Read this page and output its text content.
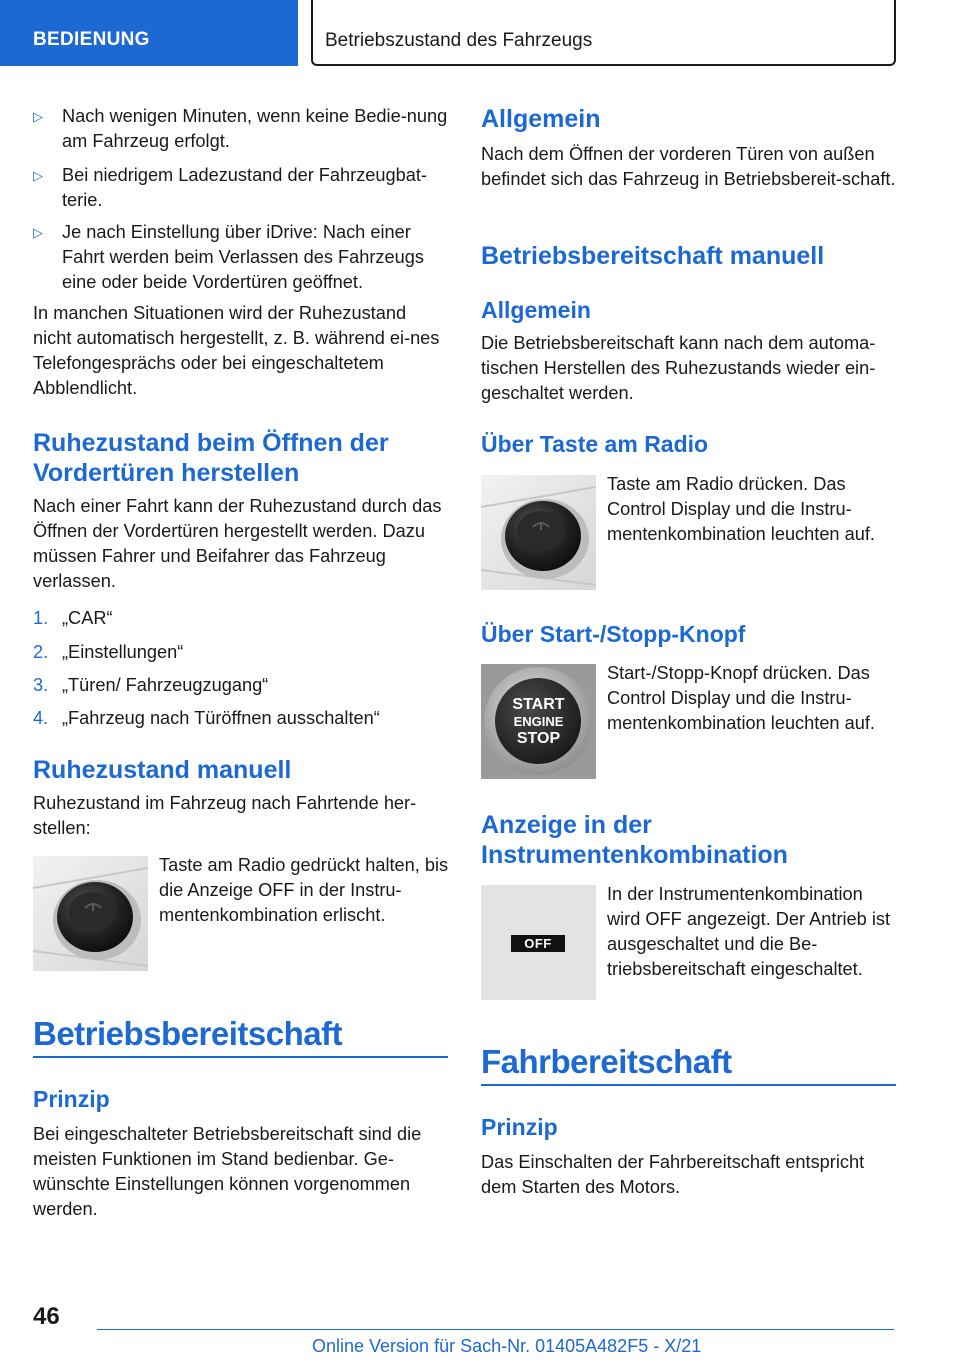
BEDIENUNG	Betriebszustand des Fahrzeugs
▷ Nach wenigen Minuten, wenn keine Bedie-nung am Fahrzeug erfolgt.
▷ Bei niedrigem Ladezustand der Fahrzeugbat-terie.
▷ Je nach Einstellung über iDrive: Nach einer Fahrt werden beim Verlassen des Fahrzeugs eine oder beide Vordertüren geöffnet.

In manchen Situationen wird der Ruhezustand nicht automatisch hergestellt, z. B. während ei-nes Telefongesprächs oder bei eingeschaltetem Abblendlicht.

Ruhezustand beim Öffnen der Vordertüren herstellen

Nach einer Fahrt kann der Ruhezustand durch das Öffnen der Vordertüren hergestellt werden. Dazu müssen Fahrer und Beifahrer das Fahrzeug verlassen.

1. „CAR“
2. „Einstellungen“
3. „Türen/ Fahrzeugzugang“
4. „Fahrzeug nach Türöffnen ausschalten“
Ruhezustand manuell

Ruhezustand im Fahrzeug nach Fahrtende her-stellen:

Taste am Radio gedrückt halten, bis die Anzeige OFF in der Instru-mentenkombination erlischt.

Betriebsbereitschaft
Prinzip

Bei eingeschalteter Betriebsbereitschaft sind die meisten Funktionen im Stand bedienbar. Ge-wünschte Einstellungen können vorgenommen werden.

Allgemein

Nach dem Öffnen der vorderen Türen von außen befindet sich das Fahrzeug in Betriebsbereit-schaft.

Betriebsbereitschaft manuell
Allgemein

Die Betriebsbereitschaft kann nach dem automa-tischen Herstellen des Ruhezustands wieder ein-geschaltet werden.

Über Taste am Radio

Taste am Radio drücken. Das Control Display und die Instru-mentenkombination leuchten auf.

Über Start-/Stopp-Knopf
START
ENGINE
STOP

Start-/Stopp-Knopf drücken. Das Control Display und die Instru-mentenkombination leuchten auf.

Anzeige in der Instrumentenkombination
OFF

In der Instrumentenkombination wird OFF angezeigt. Der Antrieb ist ausgeschaltet und die Be-triebsbereitschaft eingeschaltet.

Fahrbereitschaft
Prinzip

Das Einschalten der Fahrbereitschaft entspricht dem Starten des Motors.

46
Online Version für Sach-Nr. 01405A482F5 - X/21
